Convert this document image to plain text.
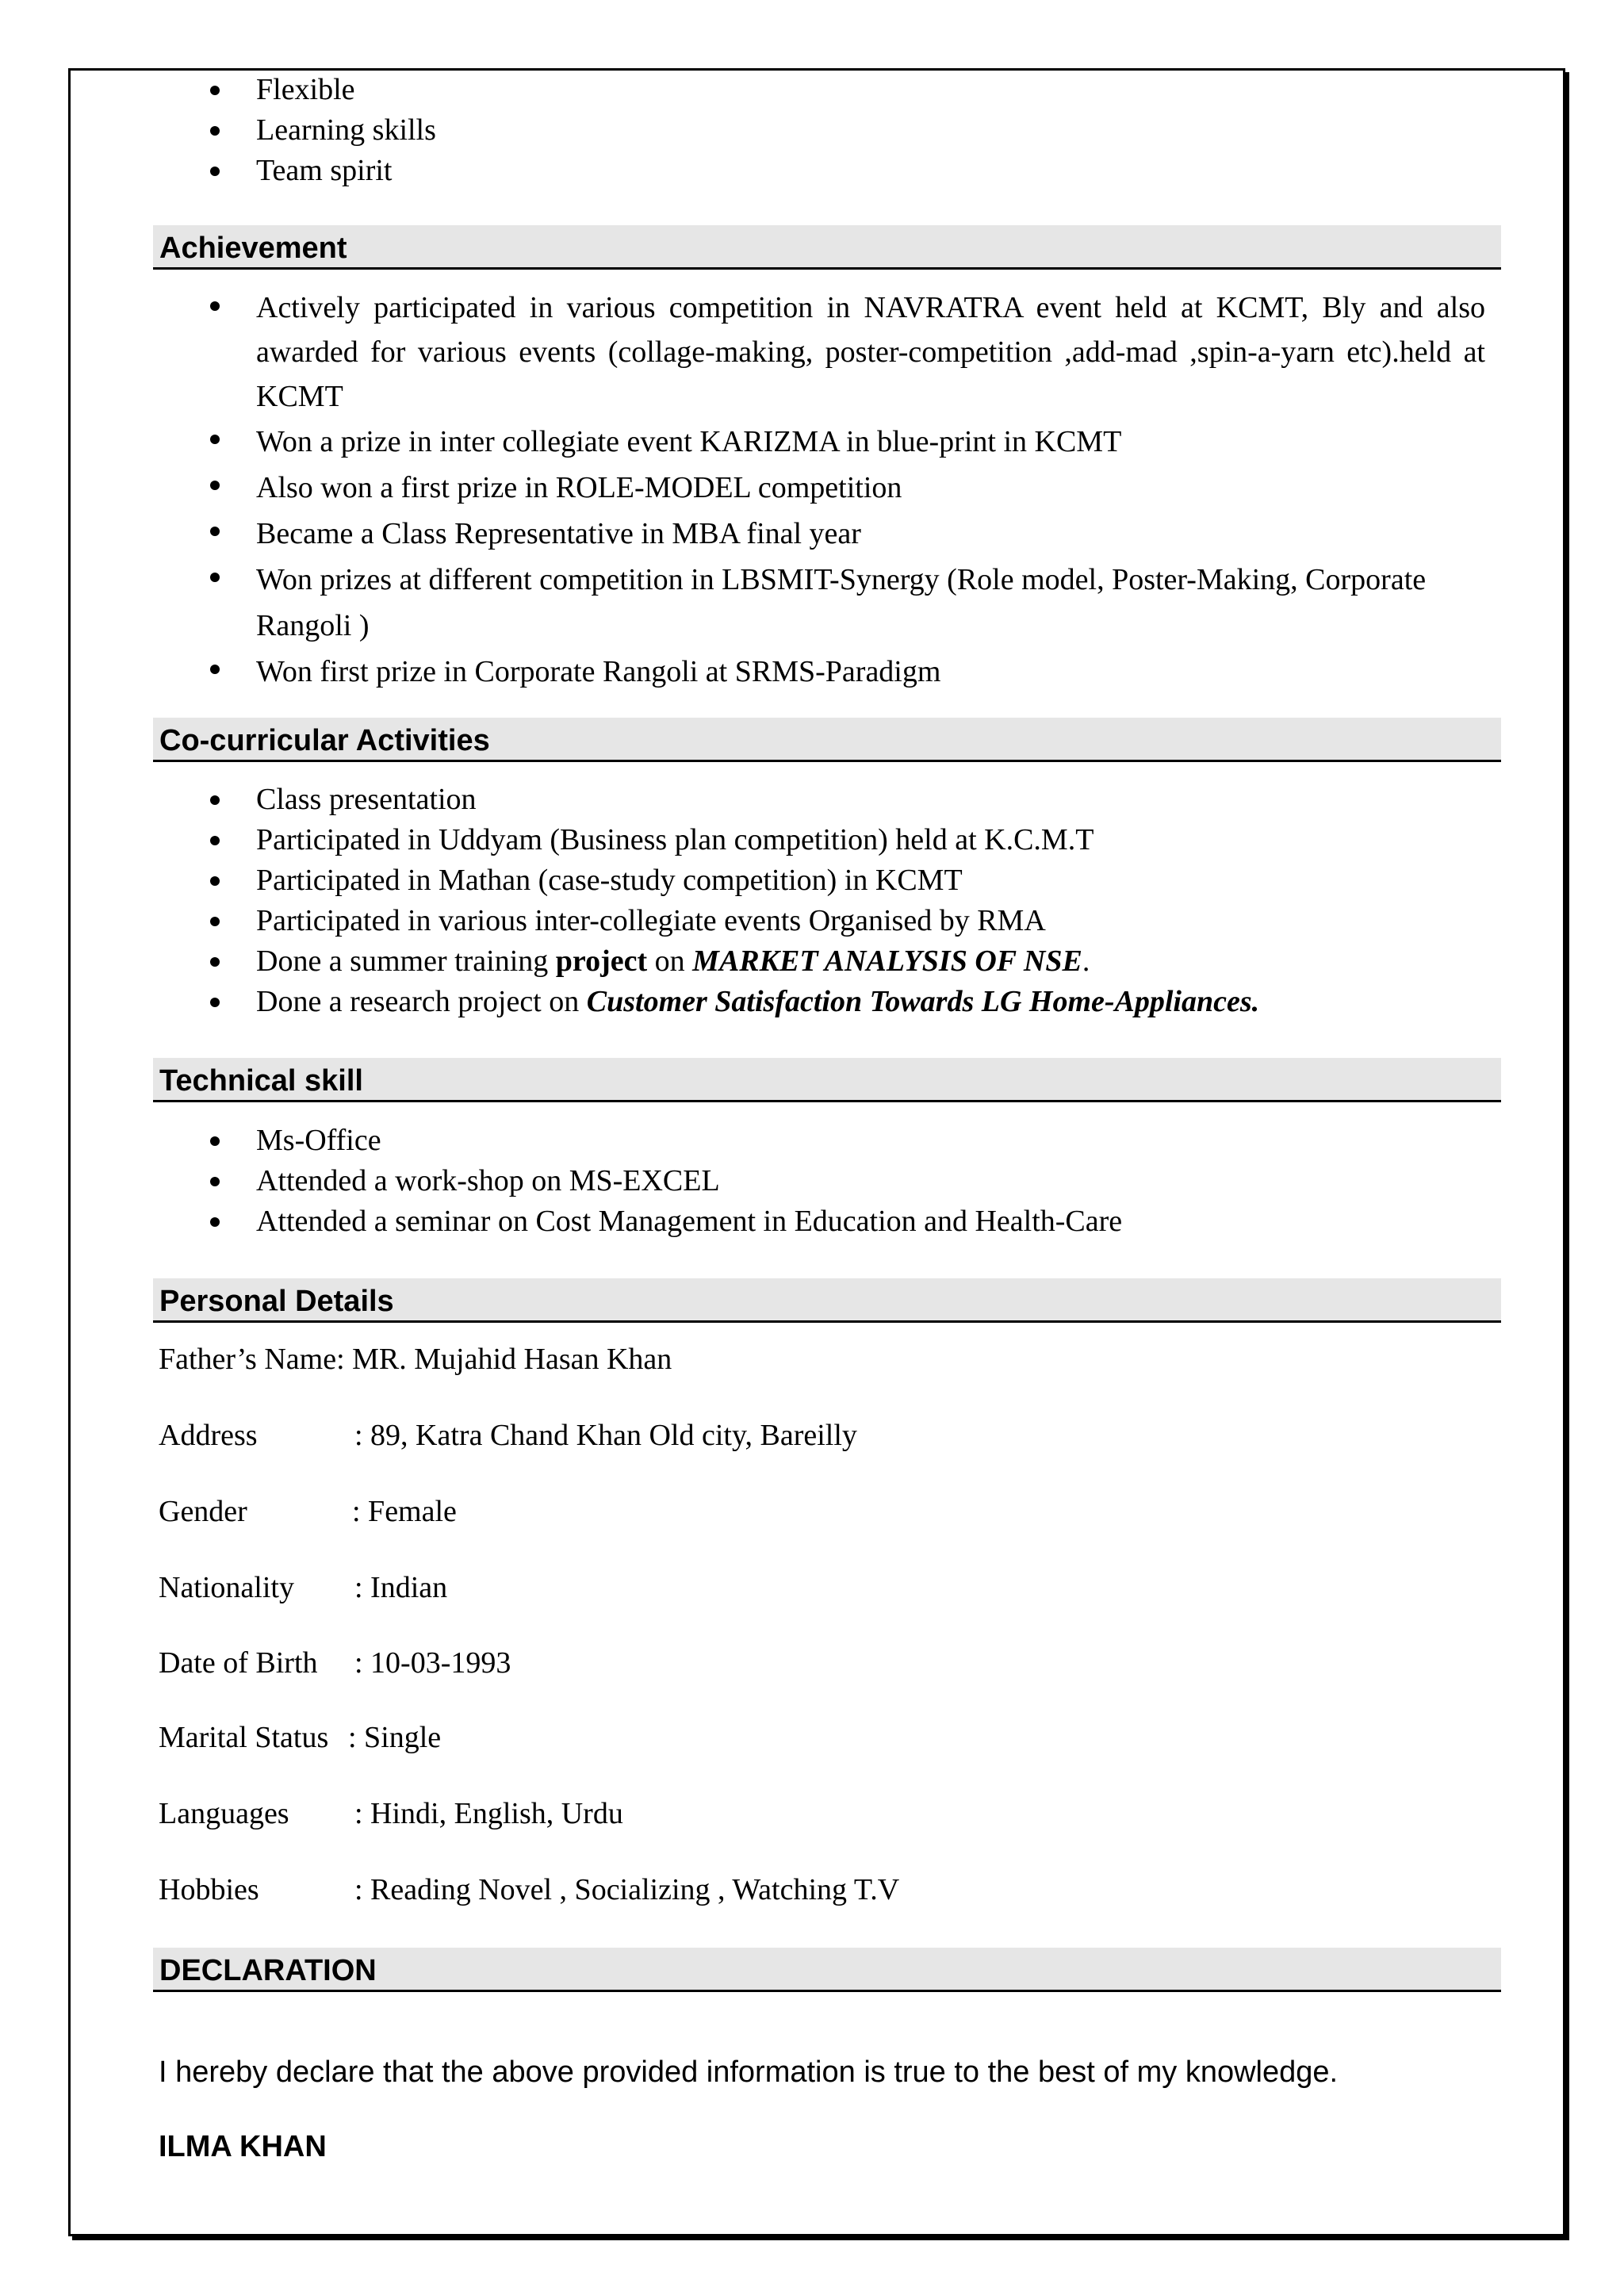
Flexible
Learning skills
Team spirit
Achievement
Actively participated in various competition in NAVRATRA event held at KCMT, Bly and also awarded for various events (collage-making, poster-competition ,add-mad ,spin-a-yarn etc).held at KCMT
Won a prize in inter collegiate event KARIZMA in blue-print in KCMT
Also won a first prize in ROLE-MODEL competition
Became a Class Representative in MBA final year
Won prizes at different competition in LBSMIT-Synergy (Role model, Poster-Making, Corporate Rangoli )
Won first prize in Corporate Rangoli at SRMS-Paradigm
Co-curricular Activities
Class presentation
Participated in Uddyam (Business plan competition) held at K.C.M.T
Participated in Mathan (case-study competition) in KCMT
Participated in various inter-collegiate events Organised by RMA
Done a summer training project on MARKET ANALYSIS OF NSE.
Done a research project on Customer Satisfaction Towards LG Home-Appliances.
Technical skill
Ms-Office
Attended a work-shop on MS-EXCEL
Attended a seminar on Cost Management in Education and Health-Care
Personal Details
Father’s Name: MR. Mujahid Hasan Khan
Address	: 89, Katra Chand Khan Old city, Bareilly
Gender	: Female
Nationality : Indian
Date of Birth : 10-03-1993
Marital Status : Single
Languages : Hindi, English, Urdu
Hobbies	: Reading Novel , Socializing , Watching T.V
DECLARATION
I hereby declare that the above provided information is true to the best of my knowledge.
ILMA KHAN
